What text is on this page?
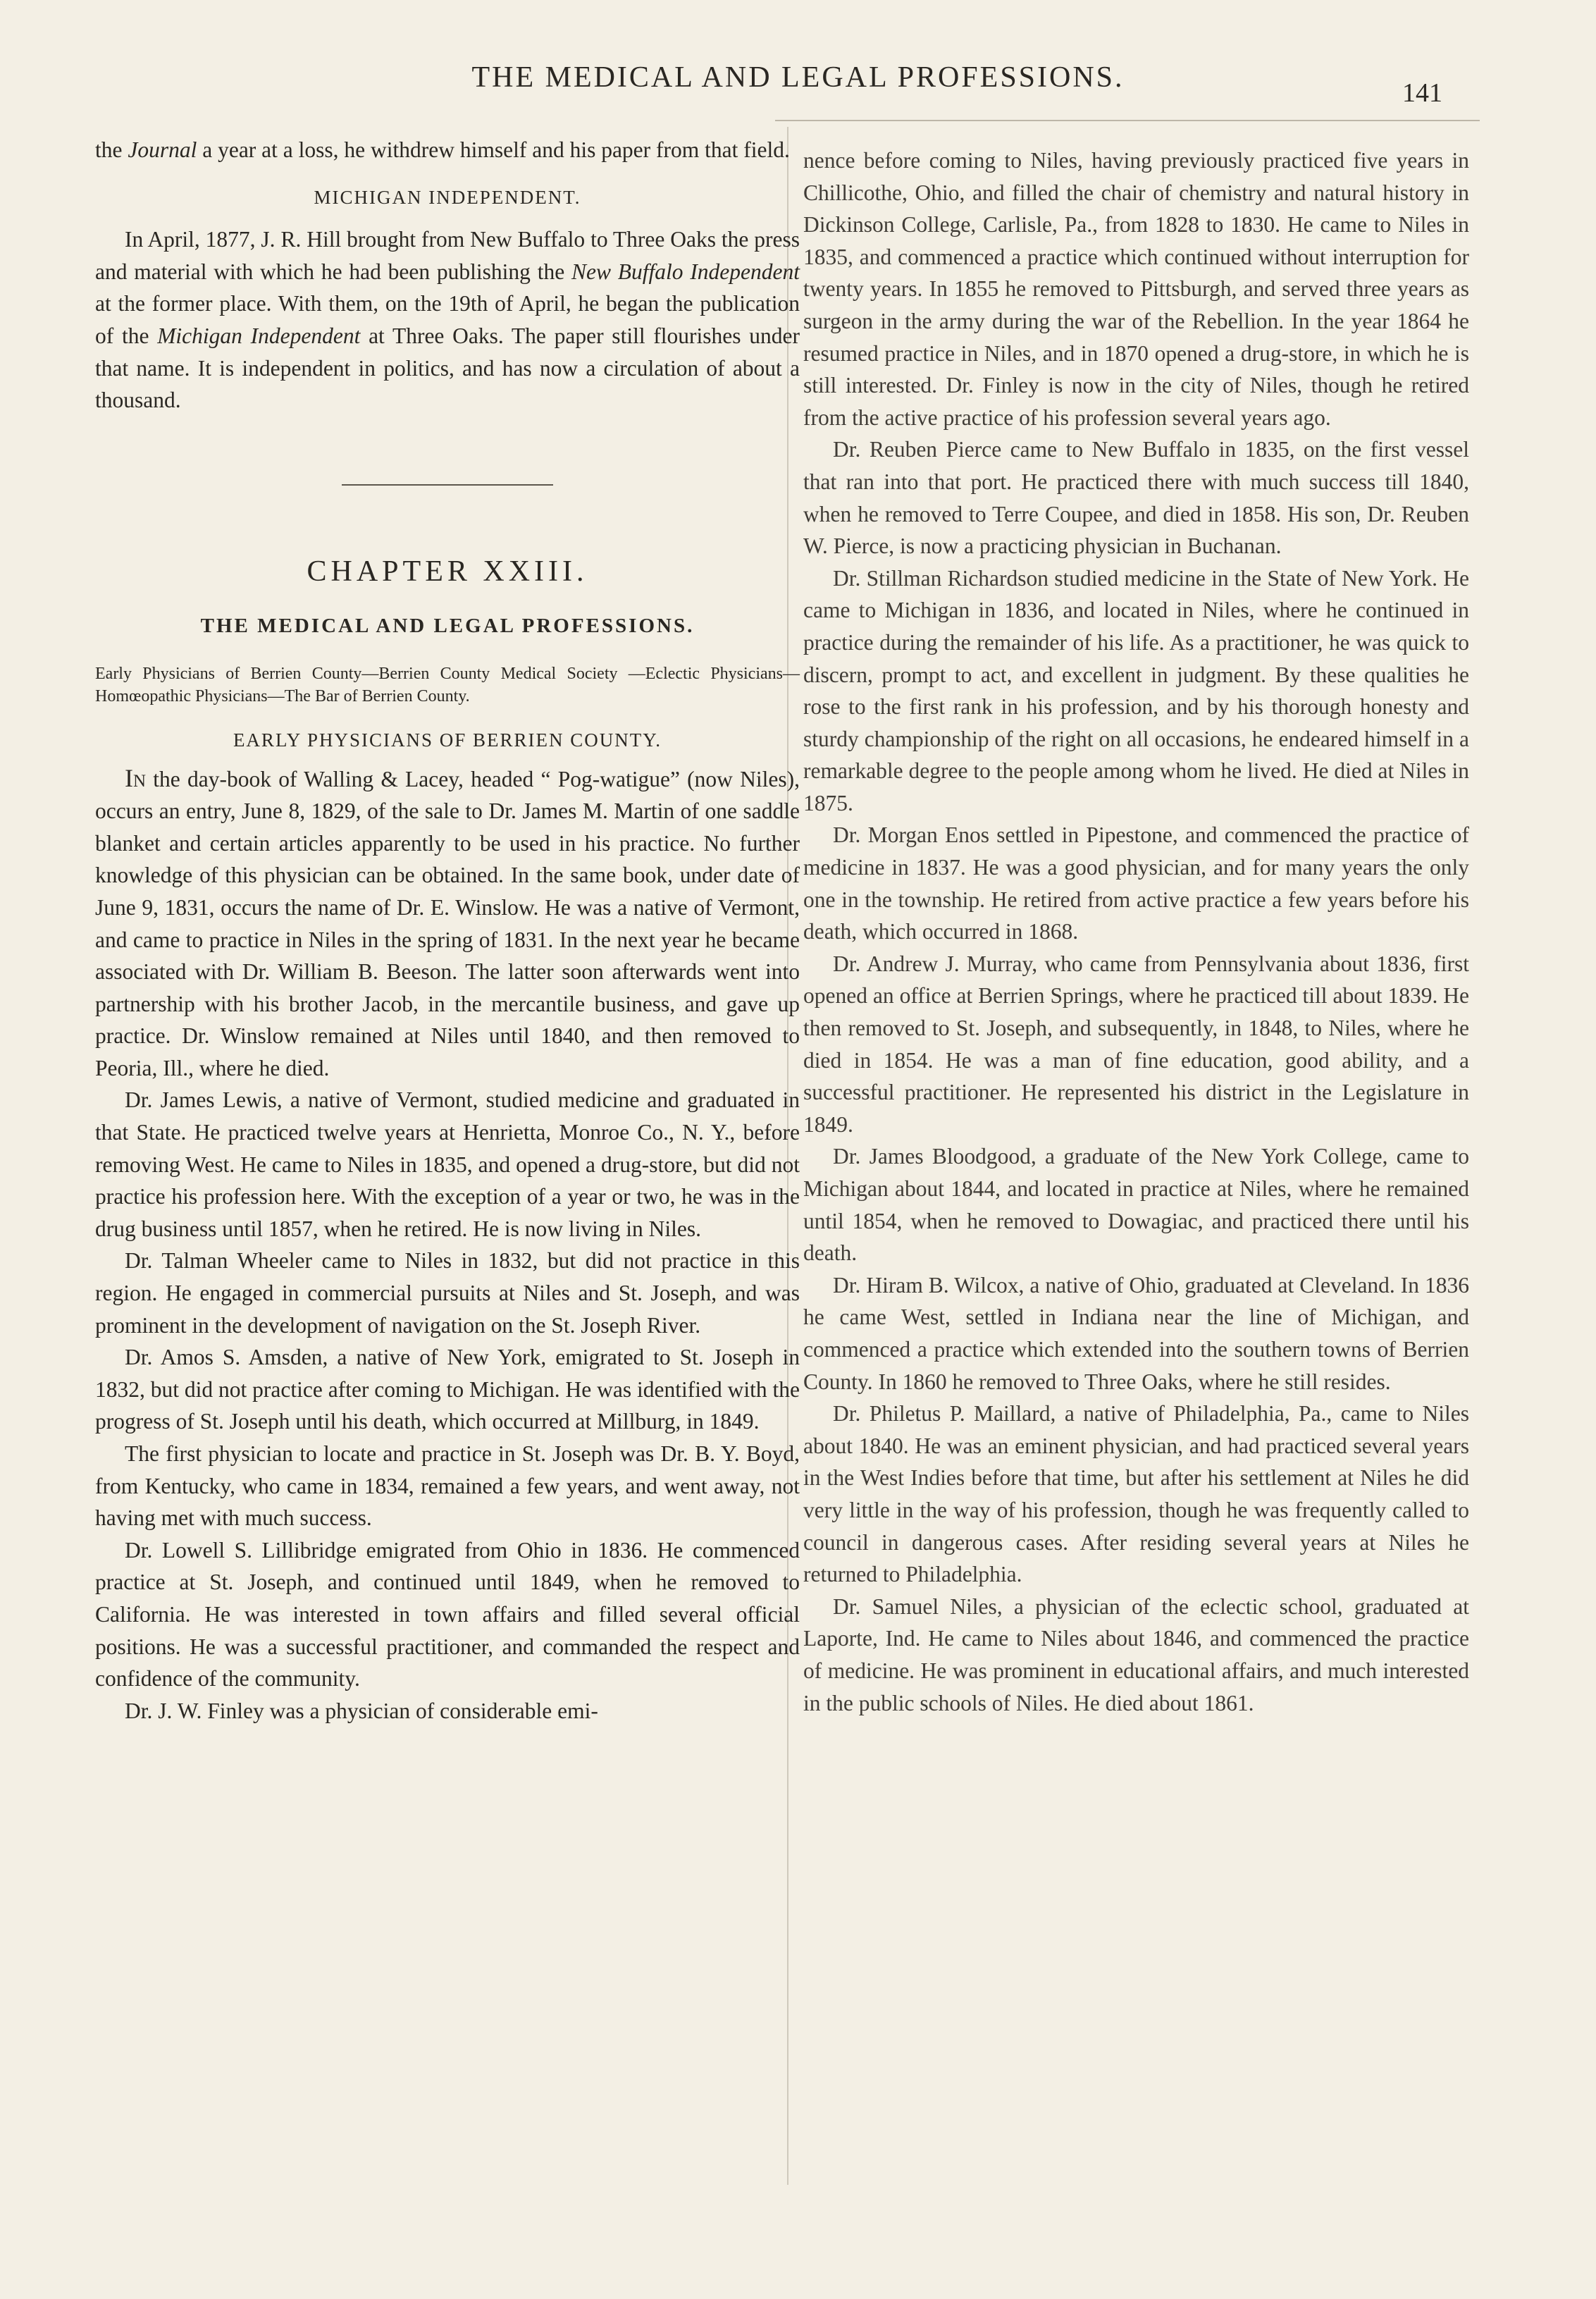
THE MEDICAL AND LEGAL PROFESSIONS.	141

the Journal a year at a loss, he withdrew himself and his paper from that field.

MICHIGAN INDEPENDENT.

In April, 1877, J. R. Hill brought from New Buffalo to Three Oaks the press and material with which he had been publishing the New Buffalo Independent at the former place. With them, on the 19th of April, he began the publication of the Michigan Independent at Three Oaks. The paper still flourishes under that name. It is independent in politics, and has now a circulation of about a thousand.

CHAPTER XXIII.
THE MEDICAL AND LEGAL PROFESSIONS.
Early Physicians of Berrien County—Berrien County Medical Society —Eclectic Physicians—Homœopathic Physicians—The Bar of Berrien County.
EARLY PHYSICIANS OF BERRIEN COUNTY.

In the day-book of Walling & Lacey, headed “ Pog-watigue” (now Niles), occurs an entry, June 8, 1829, of the sale to Dr. James M. Martin of one saddle blanket and certain articles apparently to be used in his practice. No further knowledge of this physician can be obtained. In the same book, under date of June 9, 1831, occurs the name of Dr. E. Winslow. He was a native of Vermont, and came to practice in Niles in the spring of 1831. In the next year he became associated with Dr. William B. Beeson. The latter soon afterwards went into partnership with his brother Jacob, in the mercantile business, and gave up practice. Dr. Winslow remained at Niles until 1840, and then removed to Peoria, Ill., where he died.

Dr. James Lewis, a native of Vermont, studied medicine and graduated in that State. He practiced twelve years at Henrietta, Monroe Co., N. Y., before removing West. He came to Niles in 1835, and opened a drug-store, but did not practice his profession here. With the exception of a year or two, he was in the drug business until 1857, when he retired. He is now living in Niles.

Dr. Talman Wheeler came to Niles in 1832, but did not practice in this region. He engaged in commercial pursuits at Niles and St. Joseph, and was prominent in the development of navigation on the St. Joseph River.

Dr. Amos S. Amsden, a native of New York, emigrated to St. Joseph in 1832, but did not practice after coming to Michigan. He was identified with the progress of St. Joseph until his death, which occurred at Millburg, in 1849.

The first physician to locate and practice in St. Joseph was Dr. B. Y. Boyd, from Kentucky, who came in 1834, remained a few years, and went away, not having met with much success.

Dr. Lowell S. Lillibridge emigrated from Ohio in 1836. He commenced practice at St. Joseph, and continued until 1849, when he removed to California. He was interested in town affairs and filled several official positions. He was a successful practitioner, and commanded the respect and confidence of the community.

Dr. J. W. Finley was a physician of considerable emi-

nence before coming to Niles, having previously practiced five years in Chillicothe, Ohio, and filled the chair of chemistry and natural history in Dickinson College, Carlisle, Pa., from 1828 to 1830. He came to Niles in 1835, and commenced a practice which continued without interruption for twenty years. In 1855 he removed to Pittsburgh, and served three years as surgeon in the army during the war of the Rebellion. In the year 1864 he resumed practice in Niles, and in 1870 opened a drug-store, in which he is still interested. Dr. Finley is now in the city of Niles, though he retired from the active practice of his profession several years ago.

Dr. Reuben Pierce came to New Buffalo in 1835, on the first vessel that ran into that port. He practiced there with much success till 1840, when he removed to Terre Coupee, and died in 1858. His son, Dr. Reuben W. Pierce, is now a practicing physician in Buchanan.

Dr. Stillman Richardson studied medicine in the State of New York. He came to Michigan in 1836, and located in Niles, where he continued in practice during the remainder of his life. As a practitioner, he was quick to discern, prompt to act, and excellent in judgment. By these qualities he rose to the first rank in his profession, and by his thorough honesty and sturdy championship of the right on all occasions, he endeared himself in a remarkable degree to the people among whom he lived. He died at Niles in 1875.

Dr. Morgan Enos settled in Pipestone, and commenced the practice of medicine in 1837. He was a good physician, and for many years the only one in the township. He retired from active practice a few years before his death, which occurred in 1868.

Dr. Andrew J. Murray, who came from Pennsylvania about 1836, first opened an office at Berrien Springs, where he practiced till about 1839. He then removed to St. Joseph, and subsequently, in 1848, to Niles, where he died in 1854. He was a man of fine education, good ability, and a successful practitioner. He represented his district in the Legislature in 1849.

Dr. James Bloodgood, a graduate of the New York College, came to Michigan about 1844, and located in practice at Niles, where he remained until 1854, when he removed to Dowagiac, and practiced there until his death.

Dr. Hiram B. Wilcox, a native of Ohio, graduated at Cleveland. In 1836 he came West, settled in Indiana near the line of Michigan, and commenced a practice which extended into the southern towns of Berrien County. In 1860 he removed to Three Oaks, where he still resides.

Dr. Philetus P. Maillard, a native of Philadelphia, Pa., came to Niles about 1840. He was an eminent physician, and had practiced several years in the West Indies before that time, but after his settlement at Niles he did very little in the way of his profession, though he was frequently called to council in dangerous cases. After residing several years at Niles he returned to Philadelphia.

Dr. Samuel Niles, a physician of the eclectic school, graduated at Laporte, Ind. He came to Niles about 1846, and commenced the practice of medicine. He was prominent in educational affairs, and much interested in the public schools of Niles. He died about 1861.
